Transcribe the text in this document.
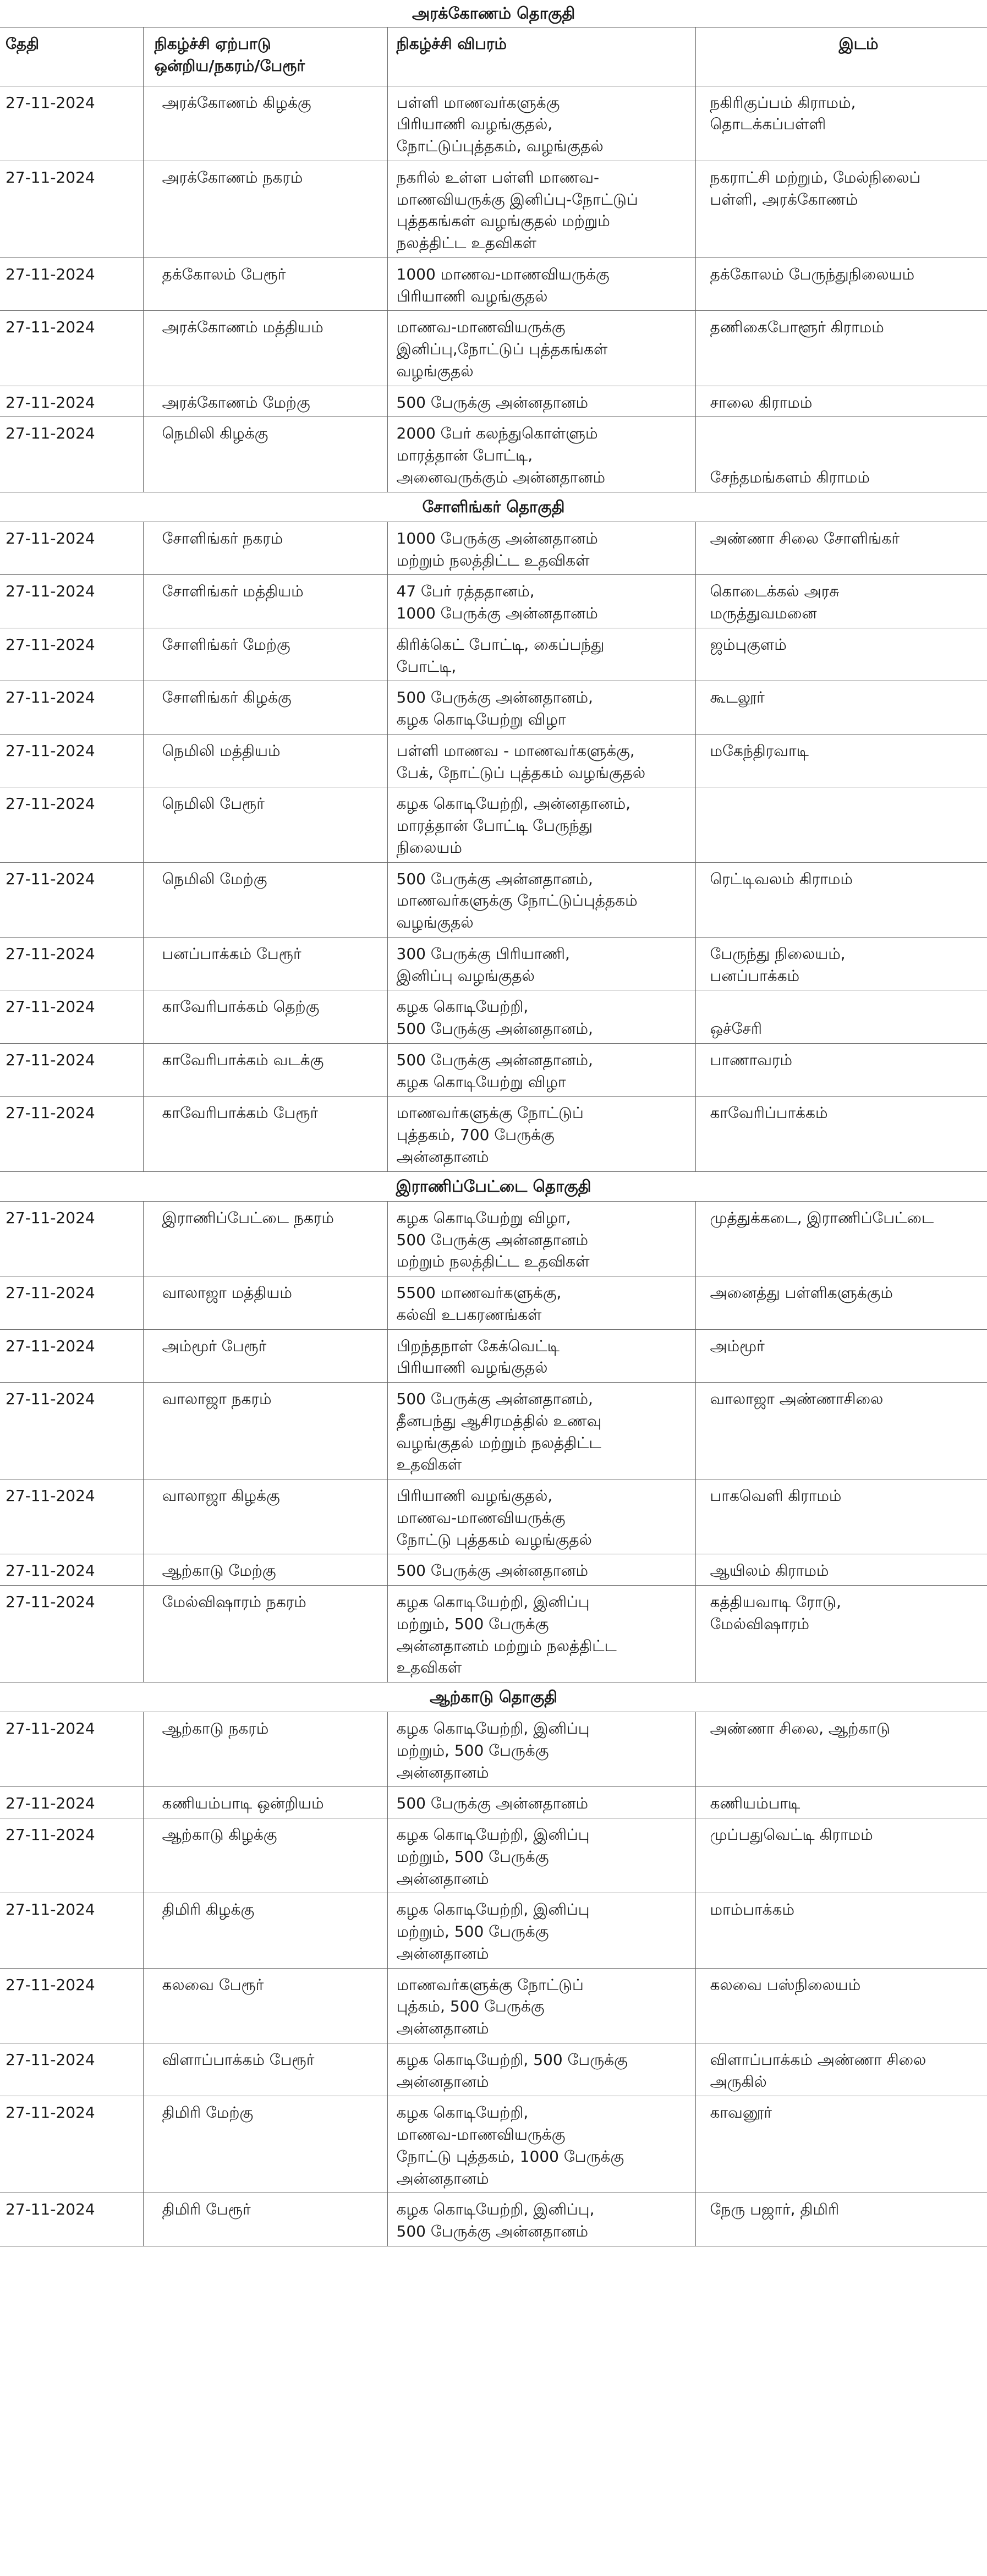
அரக்கோணம் தொகுதி			
தேதி	நிகழ்ச்சி ஏற்பாடு
ஒன்றிய/நகரம்/பேரூர்	நிகழ்ச்சி விபரம்	இடம்
27-11-2024	அரக்கோணம் கிழக்கு	பள்ளி மாணவர்களுக்கு
பிரியாணி வழங்குதல்,
நோட்டுப்புத்தகம், வழங்குதல்	நகிரிகுப்பம் கிராமம்,
தொடக்கப்பள்ளி

27-11-2024	அரக்கோணம் நகரம்	நகரில் உள்ள பள்ளி மாணவ-
மாணவியருக்கு இனிப்பு-நோட்டுப்
புத்தகங்கள் வழங்குதல் மற்றும்
நலத்திட்ட உதவிகள்	நகராட்சி மற்றும், மேல்நிலைப்
பள்ளி, அரக்கோணம்

27-11-2024	தக்கோலம் பேரூர்	1000 மாணவ-மாணவியருக்கு
பிரியாணி வழங்குதல்	தக்கோலம் பேருந்துநிலையம்

27-11-2024	அரக்கோணம் மத்தியம்	மாணவ-மாணவியருக்கு
இனிப்பு,நோட்டுப் புத்தகங்கள்
வழங்குதல்	தணிகைபோளூர் கிராமம்

27-11-2024	அரக்கோணம் மேற்கு	500 பேருக்கு அன்னதானம்	சாலை கிராமம்

27-11-2024	நெமிலி கிழக்கு	2000 பேர் கலந்துகொள்ளும்
மாரத்தான் போட்டி,
அனைவருக்கும் அன்னதானம்	சேந்தமங்களம் கிராமம்

சோளிங்கர் தொகுதி			
27-11-2024	சோளிங்கர் நகரம்	1000 பேருக்கு அன்னதானம்
மற்றும் நலத்திட்ட உதவிகள்	அண்ணா சிலை சோளிங்கர்

27-11-2024	சோளிங்கர் மத்தியம்	47 பேர் ரத்ததானம்,
1000 பேருக்கு அன்னதானம்	கொடைக்கல் அரசு
மருத்துவமனை

27-11-2024	சோளிங்கர் மேற்கு	கிரிக்கெட் போட்டி, கைப்பந்து
போட்டி,	ஜம்புகுளம்

27-11-2024	சோளிங்கர் கிழக்கு	500 பேருக்கு அன்னதானம்,
கழக கொடியேற்று விழா	கூடலூர்

27-11-2024	நெமிலி மத்தியம்	பள்ளி மாணவ - மாணவர்களுக்கு,
பேக், நோட்டுப் புத்தகம் வழங்குதல்	மகேந்திரவாடி

27-11-2024	நெமிலி பேரூர்	கழக கொடியேற்றி, அன்னதானம்,
மாரத்தான் போட்டி பேருந்து
நிலையம்	

27-11-2024	நெமிலி மேற்கு	500 பேருக்கு அன்னதானம்,
மாணவர்களுக்கு நோட்டுப்புத்தகம்
வழங்குதல்	ரெட்டிவலம் கிராமம்

27-11-2024	பனப்பாக்கம் பேரூர்	300 பேருக்கு பிரியாணி,
இனிப்பு வழங்குதல்	பேருந்து நிலையம்,
பனப்பாக்கம்

27-11-2024	காவேரிபாக்கம் தெற்கு	கழக கொடியேற்றி,
500 பேருக்கு அன்னதானம்,	ஒச்சேரி

27-11-2024	காவேரிபாக்கம் வடக்கு	500 பேருக்கு அன்னதானம்,
கழக கொடியேற்று விழா	பாணாவரம்

27-11-2024	காவேரிபாக்கம் பேரூர்	மாணவர்களுக்கு நோட்டுப்
புத்தகம், 700 பேருக்கு
அன்னதானம்	காவேரிப்பாக்கம்

இராணிப்பேட்டை தொகுதி			
27-11-2024	இராணிப்பேட்டை நகரம்	கழக கொடியேற்று விழா,
500 பேருக்கு அன்னதானம்
மற்றும் நலத்திட்ட உதவிகள்	முத்துக்கடை, இராணிப்பேட்டை

27-11-2024	வாலாஜா மத்தியம்	5500 மாணவர்களுக்கு,
கல்வி உபகரணங்கள்	அனைத்து பள்ளிகளுக்கும்

27-11-2024	அம்மூர் பேரூர்	பிறந்தநாள் கேக்வெட்டி
பிரியாணி வழங்குதல்	அம்மூர்

27-11-2024	வாலாஜா நகரம்	500 பேருக்கு அன்னதானம்,
தீனபந்து ஆசிரமத்தில் உணவு
வழங்குதல் மற்றும் நலத்திட்ட
உதவிகள்	வாலாஜா அண்ணாசிலை

27-11-2024	வாலாஜா கிழக்கு	பிரியாணி வழங்குதல்,
மாணவ-மாணவியருக்கு
நோட்டு புத்தகம் வழங்குதல்	பாகவெளி கிராமம்

27-11-2024	ஆற்காடு மேற்கு	500 பேருக்கு அன்னதானம்	ஆயிலம் கிராமம்

27-11-2024	மேல்விஷாரம் நகரம்	கழக கொடியேற்றி, இனிப்பு
மற்றும், 500 பேருக்கு
அன்னதானம் மற்றும் நலத்திட்ட
உதவிகள்	கத்தியவாடி ரோடு,
மேல்விஷாரம்

ஆற்காடு தொகுதி			
27-11-2024	ஆற்காடு நகரம்	கழக கொடியேற்றி, இனிப்பு
மற்றும், 500 பேருக்கு
அன்னதானம்	அண்ணா சிலை, ஆற்காடு

27-11-2024	கணியம்பாடி ஒன்றியம்	500 பேருக்கு அன்னதானம்	கணியம்பாடி

27-11-2024	ஆற்காடு கிழக்கு	கழக கொடியேற்றி, இனிப்பு
மற்றும், 500 பேருக்கு
அன்னதானம்	முப்பதுவெட்டி கிராமம்

27-11-2024	திமிரி கிழக்கு	கழக கொடியேற்றி, இனிப்பு
மற்றும், 500 பேருக்கு
அன்னதானம்	மாம்பாக்கம்

27-11-2024	கலவை பேரூர்	மாணவர்களுக்கு நோட்டுப்
புத்கம், 500 பேருக்கு
அன்னதானம்	கலவை பஸ்நிலையம்

27-11-2024	விளாப்பாக்கம் பேரூர்	கழக கொடியேற்றி, 500 பேருக்கு
அன்னதானம்	விளாப்பாக்கம் அண்ணா சிலை
அருகில்

27-11-2024	திமிரி மேற்கு	கழக கொடியேற்றி,
மாணவ-மாணவியருக்கு
நோட்டு புத்தகம், 1000 பேருக்கு
அன்னதானம்	காவனூர்

27-11-2024	திமிரி பேரூர்	கழக கொடியேற்றி, இனிப்பு,
500 பேருக்கு அன்னதானம்	நேரு பஜார், திமிரி
